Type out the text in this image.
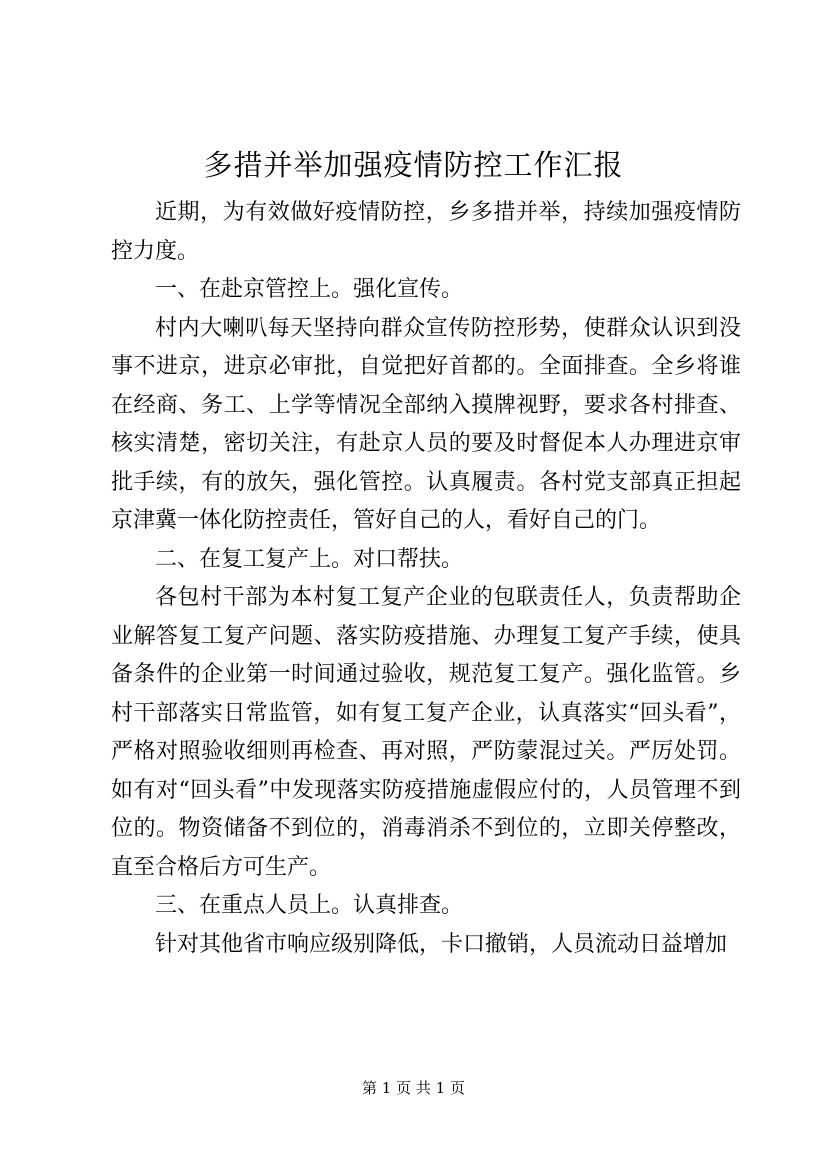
多措并举加强疫情防控工作汇报

近期，为有效做好疫情防控，乡多措并举，持续加强疫情防控力度。

一、在赴京管控上。强化宣传。

村内大喇叭每天坚持向群众宣传防控形势，使群众认识到没事不进京，进京必审批，自觉把好首都的。全面排查。全乡将谁在经商、务工、上学等情况全部纳入摸牌视野，要求各村排查、核实清楚，密切关注，有赴京人员的要及时督促本人办理进京审批手续，有的放矢，强化管控。认真履责。各村党支部真正担起京津冀一体化防控责任，管好自己的人，看好自己的门。

二、在复工复产上。对口帮扶。

各包村干部为本村复工复产企业的包联责任人，负责帮助企业解答复工复产问题、落实防疫措施、办理复工复产手续，使具备条件的企业第一时间通过验收，规范复工复产。强化监管。乡村干部落实日常监管，如有复工复产企业，认真落实“回头看”，严格对照验收细则再检查、再对照，严防蒙混过关。严厉处罚。如有对“回头看”中发现落实防疫措施虚假应付的，人员管理不到位的。物资储备不到位的，消毒消杀不到位的，立即关停整改，直至合格后方可生产。

三、在重点人员上。认真排查。

针对其他省市响应级别降低，卡口撤销，人员流动日益增加

第 1 页 共 1 页
